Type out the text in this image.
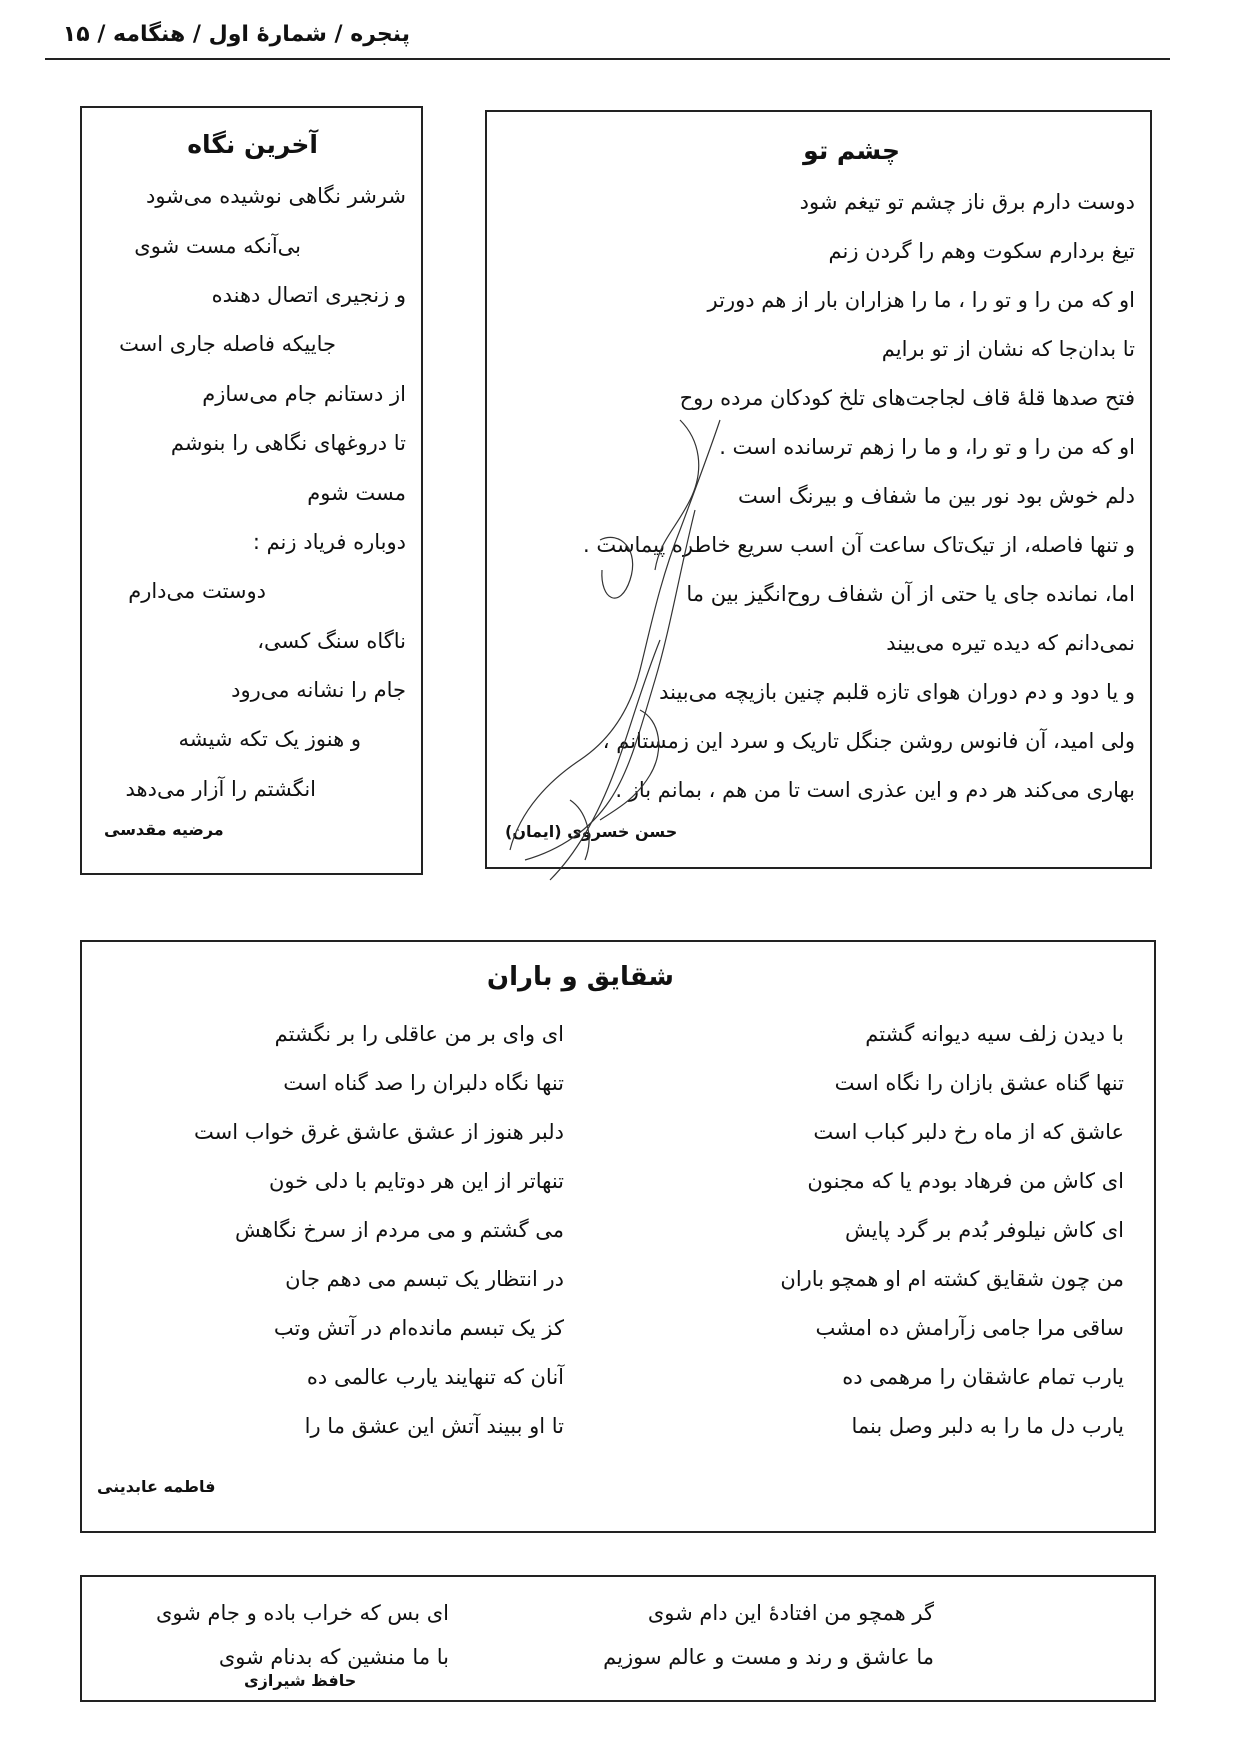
پنجره / شمارهٔ اول / هنگامه / ۱۵
آخرین نگاه
شرشر نگاهی نوشیده می‌شود
بی‌آنکه مست شوی
و زنجیری اتصال دهنده
جاییکه فاصله جاری است
از دستانم جام می‌سازم
تا دروغهای نگاهی را بنوشم
مست شوم
دوباره فریاد زنم :
دوستت می‌دارم
ناگاه سنگ کسی،
جام را نشانه می‌رود
و هنوز یک تکه شیشه
انگشتم را آزار می‌دهد
مرضیه مقدسی
چشم تو
دوست دارم برق ناز چشم تو تیغم شود
تیغ بردارم سکوت وهم را گردن زنم
او که من را و تو را ، ما را هزاران بار از هم دورتر
تا بدان‌جا که نشان از تو برایم
فتح صدها قلهٔ قاف لجاجت‌های تلخ کودکان مرده روح
او که من را و تو را، و ما را زهم ترسانده است .
دلم خوش بود نور بین ما شفاف و بیرنگ است
و تنها فاصله، از تیک‌تاک ساعت آن اسب سریع خاطره پیماست .
اما، نمانده جای یا حتی از آن شفاف روح‌انگیز بین ما
نمی‌دانم که دیده تیره می‌بیند
و یا دود و دم دوران هوای تازه قلبم چنین بازیچه می‌بیند
ولی امید، آن فانوس روشن جنگل تاریک و سرد این زمستانم ،
بهاری می‌کند هر دم و این عذری است تا من هم ، بمانم باز .
حسن خسروی (ایمان)
شقایق و باران
با دیدن زلف سیه دیوانه گشتم
تنها گناه عشق بازان را نگاه است
عاشق که از ماه رخ دلبر کباب است
ای کاش من فرهاد بودم یا که مجنون
ای کاش نیلوفر بُدم بر گرد پایش
من چون شقایق کشته ام او همچو باران
ساقی مرا جامی زآرامش ده امشب
یارب تمام عاشقان را مرهمی ده
یارب دل ما را به دلبر وصل بنما
ای وای بر من عاقلی را بر نگشتم
تنها نگاه دلبران را صد گناه است
دلبر هنوز از عشق عاشق غرق خواب است
تنهاتر از این هر دوتایم با دلی خون
می گشتم و می مردم از سرخ نگاهش
در انتظار یک تبسم می دهم جان
کز یک تبسم مانده‌ام در آتش وتب
آنان که تنهایند یارب عالمی ده
تا او ببیند آتش این عشق ما را
فاطمه عابدینی
گر همچو من افتادهٔ این دام شوی
ما عاشق و رند و مست و عالم سوزیم
ای بس که خراب باده و جام شوی
با ما منشین که بدنام شوی
حافظ شیرازی
